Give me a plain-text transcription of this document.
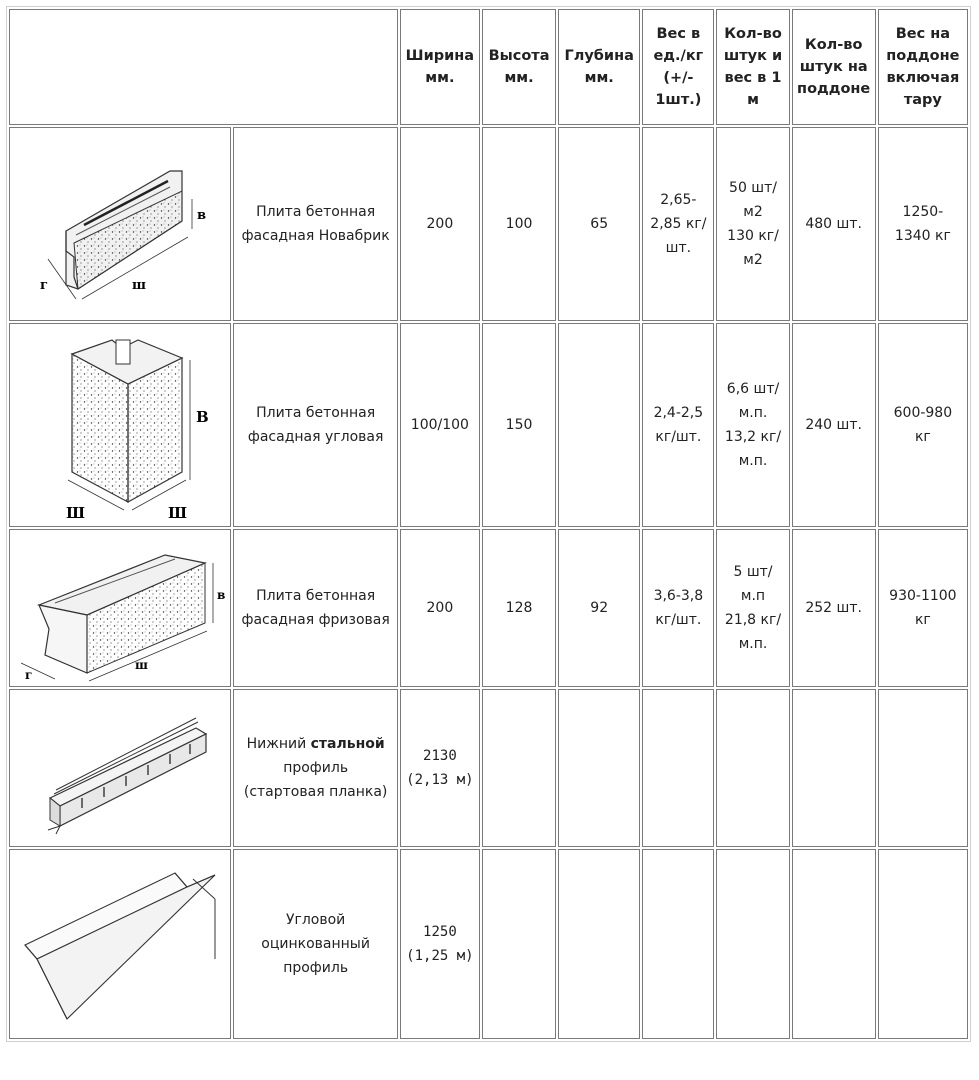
		Ширина мм.	Высота мм.	Глубина мм.	Вес в ед./кг (+/- 1шт.)	Кол-во штук и вес в 1 м	Кол-во штук на поддоне	Вес на поддоне включая тару

в
г ш	Плита бетонная фасадная Новабрик	200	100	65	2,65-
2,85 кг/
шт.	50 шт/
м2
130 кг/
м2	480 шт.	1250-
1340 кг

В
Ш Ш	Плита бетонная фасадная угловая	100/100	150		2,4-2,5
кг/шт.	6,6 шт/
м.п.
13,2 кг/
м.п.	240 шт.	600-980
кг

в
г
ш	Плита бетонная фасадная фризовая	200	128	92	3,6-3,8
кг/шт.	5 шт/
м.п
21,8 кг/
м.п.	252 шт.	930-1100
кг

	Нижний стальной
профиль
(стартовая планка)	2130
(2,13 м)						

	Угловой
оцинкованный
профиль	1250
(1,25 м)						
